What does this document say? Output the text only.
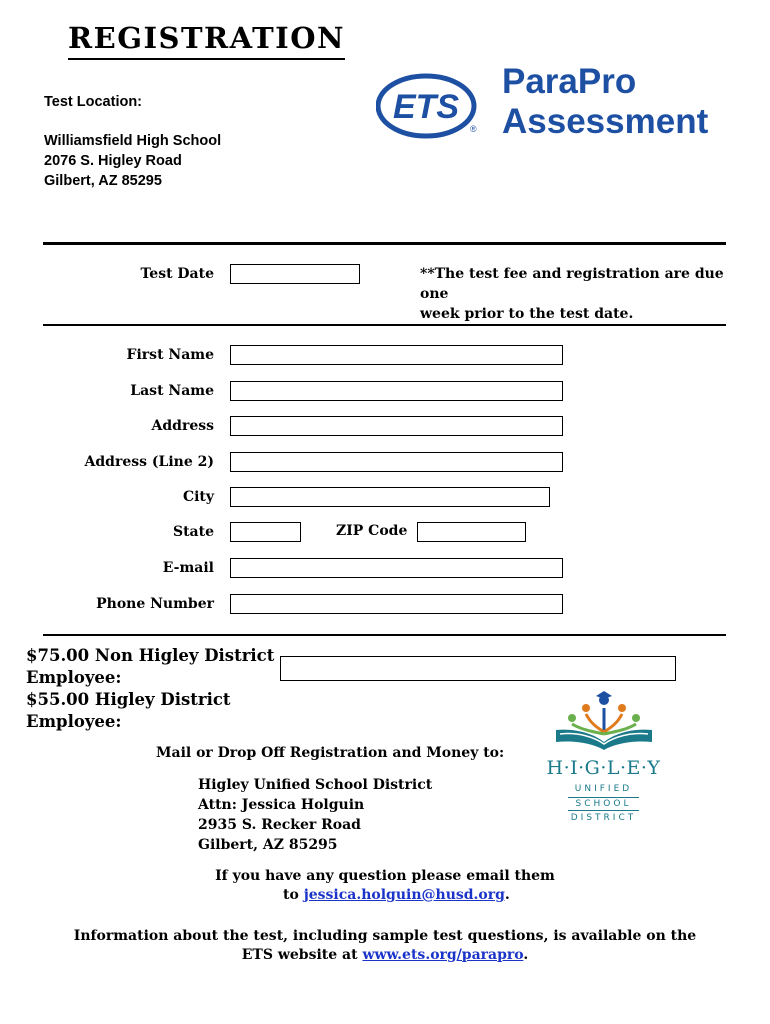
REGISTRATION
Test Location:
Williamsfield High School
2076 S. Higley Road
Gilbert, AZ 85295
ETS
®
ParaPro
Assessment
Test Date	**The test fee and registration are due one
week prior to the test date.
First Name
Last Name
Address
Address (Line 2)
City
State	ZIP Code
E-mail
Phone Number
$75.00 Non Higley District
Employee:
$55.00 Higley District
Employee:
Mail or Drop Off Registration and Money to:
Higley Unified School District
Attn: Jessica Holguin
2935 S. Recker Road
Gilbert, AZ 85295
H·I·G·L·E·Y
UNIFIED
SCHOOL
DISTRICT
If you have any question please email them
to jessica.holguin@husd.org.
Information about the test, including sample test questions, is available on the
ETS website at www.ets.org/parapro.
